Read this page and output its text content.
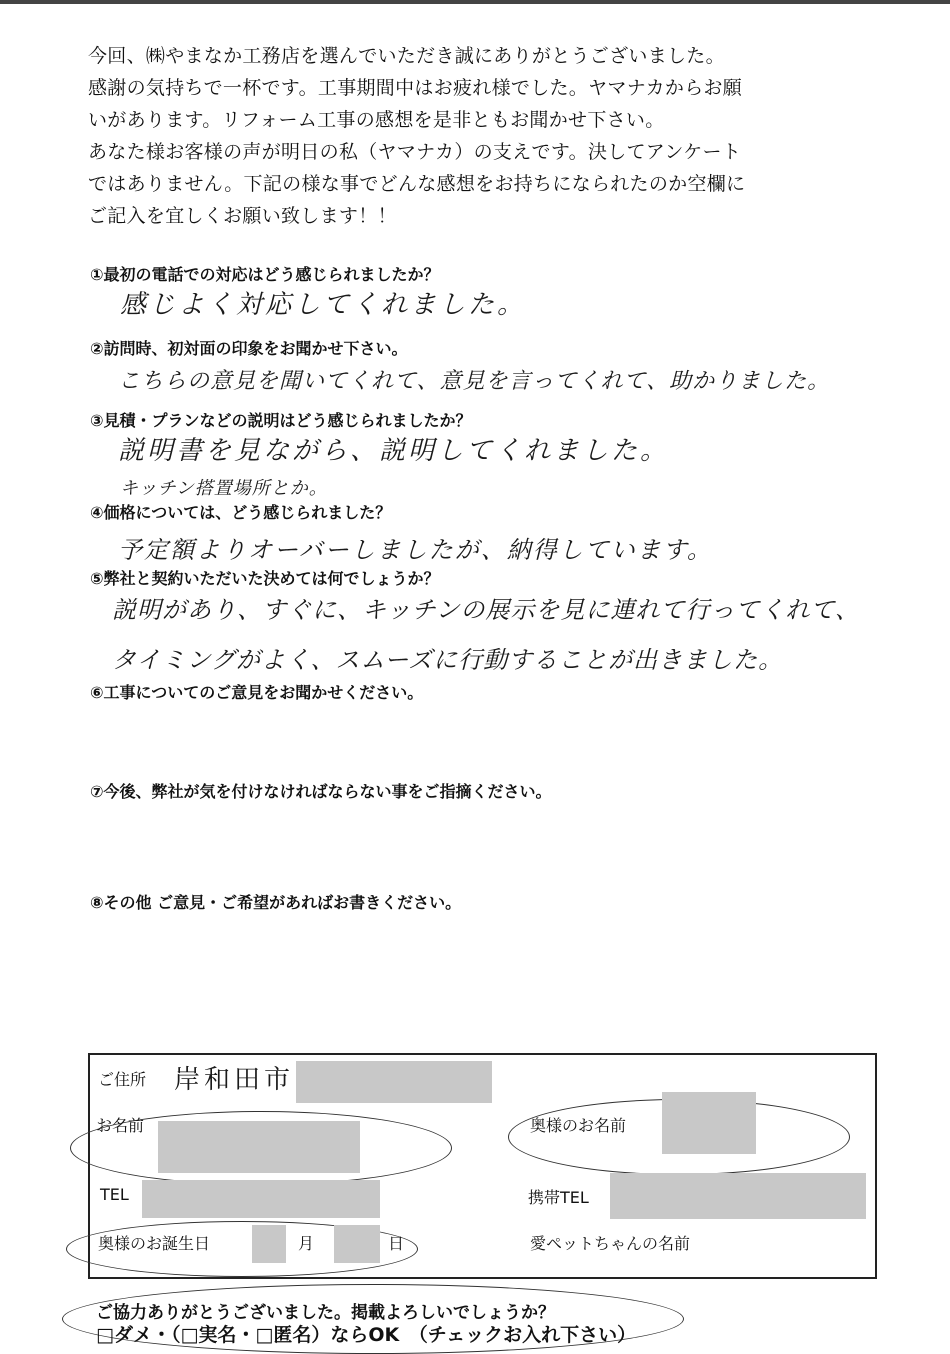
今回、㈱やまなか工務店を選んでいただき誠にありがとうございました。
感謝の気持ちで一杯です。工事期間中はお疲れ様でした。ヤマナカからお願
いがあります。リフォーム工事の感想を是非ともお聞かせ下さい。
あなた様お客様の声が明日の私（ヤマナカ）の支えです。決してアンケート
ではありません。下記の様な事でどんな感想をお持ちになられたのか空欄に
ご記入を宜しくお願い致します！！
①最初の電話での対応はどう感じられましたか？
感じよく対応してくれました。
②訪問時、初対面の印象をお聞かせ下さい。
こちらの意見を聞いてくれて、意見を言ってくれて、助かりました。
③見積・プランなどの説明はどう感じられましたか？
説明書を見ながら、説明してくれました。
キッチン搭置場所とか。
④価格については、どう感じられました？
予定額よりオーバーしましたが、納得しています。
⑤弊社と契約いただいた決めては何でしょうか？
説明があり、すぐに、キッチンの展示を見に連れて行ってくれて、
タイミングがよく、スムーズに行動することが出きました。
⑥工事についてのご意見をお聞かせください。
⑦今後、弊社が気を付けなければならない事をご指摘ください。
⑧その他 ご意見・ご希望があればお書きください。
ご住所 岸和田市
お名前	奥様のお名前
TEL	携帯TEL
奥様のお誕生日	月	日	愛ペットちゃんの名前
ご協力ありがとうございました。掲載よろしいでしょうか？
□ダメ・（□実名・□匿名）ならOK　（チェックお入れ下さい）
